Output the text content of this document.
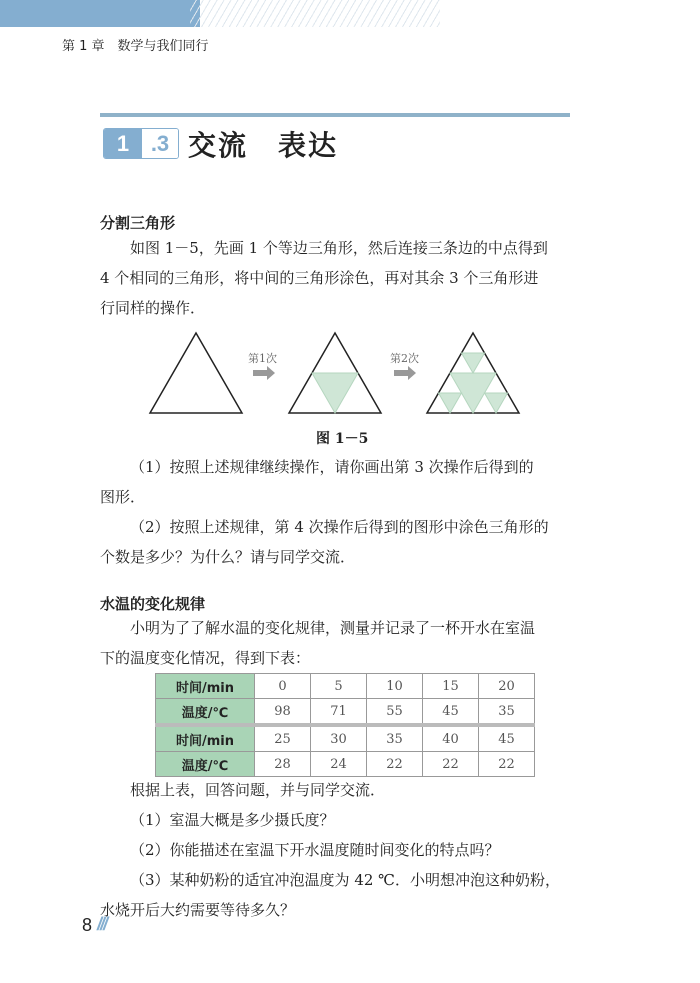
第 1 章　数学与我们同行
1 .3 交流　表达
分割三角形
如图 1－5，先画 1 个等边三角形，然后连接三条边的中点得到
4 个相同的三角形，将中间的三角形涂色，再对其余 3 个三角形进
行同样的操作．
第1次	第2次
图 1－5
（1）按照上述规律继续操作，请你画出第 3 次操作后得到的
图形．
（2）按照上述规律，第 4 次操作后得到的图形中涂色三角形的
个数是多少？为什么？请与同学交流．
水温的变化规律
小明为了了解水温的变化规律，测量并记录了一杯开水在室温
下的温度变化情况，得到下表：
时间/min	0	5	10	15	20
温度/℃	98	71	55	45	35
时间/min	25	30	35	40	45
温度/℃	28	24	22	22	22
根据上表，回答问题，并与同学交流．
（1）室温大概是多少摄氏度？
（2）你能描述在室温下开水温度随时间变化的特点吗？
（3）某种奶粉的适宜冲泡温度为 42 ℃．小明想冲泡这种奶粉，
水烧开后大约需要等待多久？
8 ///
